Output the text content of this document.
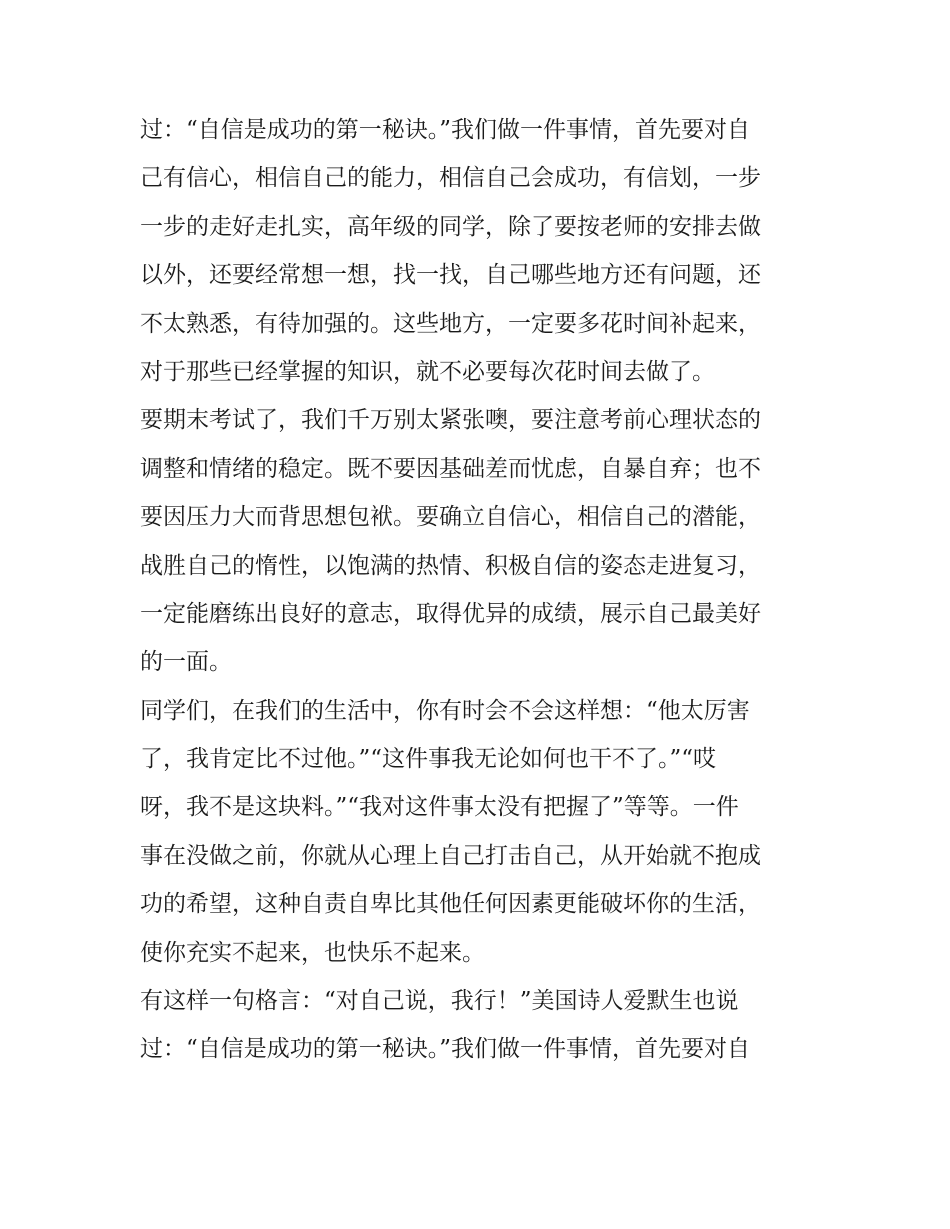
过：“自信是成功的第一秘诀。”我们做一件事情，首先要对自
己有信心，相信自己的能力，相信自己会成功，有信划，一步
一步的走好走扎实，高年级的同学，除了要按老师的安排去做
以外，还要经常想一想，找一找，自己哪些地方还有问题，还
不太熟悉，有待加强的。这些地方，一定要多花时间补起来，
对于那些已经掌握的知识，就不必要每次花时间去做了。
要期末考试了，我们千万别太紧张噢，要注意考前心理状态的
调整和情绪的稳定。既不要因基础差而忧虑，自暴自弃；也不
要因压力大而背思想包袱。要确立自信心，相信自己的潜能，
战胜自己的惰性，以饱满的热情、积极自信的姿态走进复习，
一定能磨练出良好的意志，取得优异的成绩，展示自己最美好
的一面。
同学们，在我们的生活中，你有时会不会这样想：“他太厉害
了，我肯定比不过他。”“这件事我无论如何也干不了。”“哎
呀，我不是这块料。”“我对这件事太没有把握了”等等。一件
事在没做之前，你就从心理上自己打击自己，从开始就不抱成
功的希望，这种自责自卑比其他任何因素更能破坏你的生活，
使你充实不起来，也快乐不起来。
有这样一句格言：“对自己说，我行！”美国诗人爱默生也说
过：“自信是成功的第一秘诀。”我们做一件事情，首先要对自
